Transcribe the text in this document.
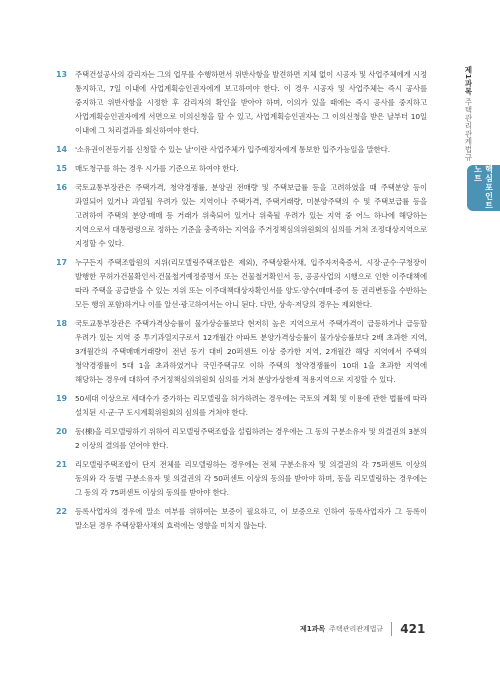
제1과목 주택관리관계법규
핵심포인트 노트
13	주택건설공사의 감리자는 그의 업무를 수행하면서 위반사항을 발견하면 지체 없이 시공자 및 사업주체에게 시정 통지하고, 7일 이내에 사업계획승인권자에게 보고하여야 한다. 이 경우 시공자 및 사업주체는 즉시 공사를 중지하고 위반사항을 시정한 후 감리자의 확인을 받아야 하며, 이의가 있을 때에는 즉시 공사를 중지하고 사업계획승인권자에게 서면으로 이의신청을 할 수 있고, 사업계획승인권자는 그 이의신청을 받은 날부터 10일 이내에 그 처리결과를 회신하여야 한다.
14	'소유권이전등기를 신청할 수 있는 날'이란 사업주체가 입주예정자에게 통보한 입주가능일을 말한다.
15	매도청구를 하는 경우 시가를 기준으로 하여야 한다.
16	국토교통부장관은 주택가격, 청약경쟁률, 분양권 전매량 및 주택보급률 등을 고려하였을 때 주택분양 등이 과열되어 있거나 과열될 우려가 있는 지역이나 주택가격, 주택거래량, 미분양주택의 수 및 주택보급률 등을 고려하여 주택의 분양·매매 등 거래가 위축되어 있거나 위축될 우려가 있는 지역 중 어느 하나에 해당하는 지역으로서 대통령령으로 정하는 기준을 충족하는 지역을 주거정책심의위원회의 심의를 거쳐 조정대상지역으로 지정할 수 있다.
17	누구든지 주택조합원의 지위(리모델링주택조합은 제외), 주택상환사채, 입주자저축증서, 시장·군수·구청장이 발행한 무허가건물확인서·건물철거예정증명서 또는 건물철거확인서 등, 공공사업의 시행으로 인한 이주대책에 따라 주택을 공급받을 수 있는 지위 또는 이주대책대상자확인서를 양도·양수(매매·증여 등 권리변동을 수반하는 모든 행위 포함)하거나 이를 알선·광고하여서는 아니 된다. 다만, 상속·저당의 경우는 제외한다.
18	국토교통부장관은 주택가격상승률이 물가상승률보다 현저히 높은 지역으로서 주택가격이 급등하거나 급등할 우려가 있는 지역 중 투기과열지구로서 12개월간 아파트 분양가격상승률이 물가상승률보다 2배 초과한 지역, 3개월간의 주택매매거래량이 전년 동기 대비 20퍼센트 이상 증가한 지역, 2개월간 해당 지역에서 주택의 청약경쟁률이 5대 1을 초과하였거나 국민주택규모 이하 주택의 청약경쟁률이 10대 1을 초과한 지역에 해당하는 경우에 대하여 주거정책심의위원회 심의를 거쳐 분양가상한제 적용지역으로 지정할 수 있다.
19	50세대 이상으로 세대수가 증가하는 리모델링을 허가하려는 경우에는 국토의 계획 및 이용에 관한 법률에 따라 설치된 시·군·구 도시계획위원회의 심의를 거쳐야 한다.
20	동(棟)을 리모델링하기 위하여 리모델링주택조합을 설립하려는 경우에는 그 동의 구분소유자 및 의결권의 3분의 2 이상의 결의를 얻어야 한다.
21	리모델링주택조합이 단지 전체를 리모델링하는 경우에는 전체 구분소유자 및 의결권의 각 75퍼센트 이상의 동의와 각 동별 구분소유자 및 의결권의 각 50퍼센트 이상의 동의를 받아야 하며, 동을 리모델링하는 경우에는 그 동의 각 75퍼센트 이상의 동의를 받아야 한다.
22	등록사업자의 경우에 말소 여부를 위하여는 보증이 필요하고, 이 보증으로 인하여 등록사업자가 그 등록이 말소된 경우 주택상환사채의 효력에는 영향을 미치지 않는다.
제1과목 주택관리관계법규 421
